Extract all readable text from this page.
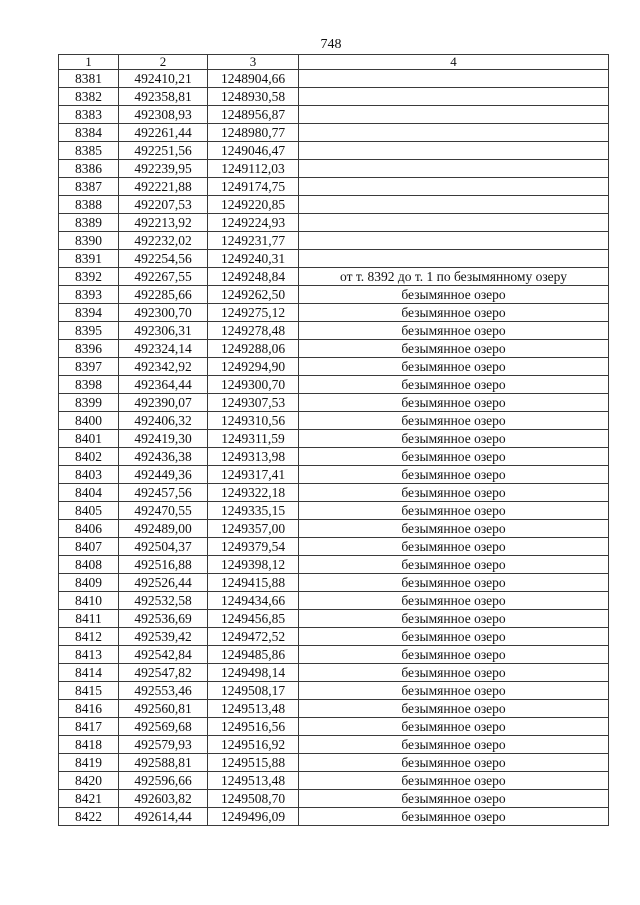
748
1	2	3	4
8381	492410,21	1248904,66	
8382	492358,81	1248930,58	
8383	492308,93	1248956,87	
8384	492261,44	1248980,77	
8385	492251,56	1249046,47	
8386	492239,95	1249112,03	
8387	492221,88	1249174,75	
8388	492207,53	1249220,85	
8389	492213,92	1249224,93	
8390	492232,02	1249231,77	
8391	492254,56	1249240,31	
8392	492267,55	1249248,84	от т. 8392 до т. 1 по безымянному озеру
8393	492285,66	1249262,50	безымянное озеро
8394	492300,70	1249275,12	безымянное озеро
8395	492306,31	1249278,48	безымянное озеро
8396	492324,14	1249288,06	безымянное озеро
8397	492342,92	1249294,90	безымянное озеро
8398	492364,44	1249300,70	безымянное озеро
8399	492390,07	1249307,53	безымянное озеро
8400	492406,32	1249310,56	безымянное озеро
8401	492419,30	1249311,59	безымянное озеро
8402	492436,38	1249313,98	безымянное озеро
8403	492449,36	1249317,41	безымянное озеро
8404	492457,56	1249322,18	безымянное озеро
8405	492470,55	1249335,15	безымянное озеро
8406	492489,00	1249357,00	безымянное озеро
8407	492504,37	1249379,54	безымянное озеро
8408	492516,88	1249398,12	безымянное озеро
8409	492526,44	1249415,88	безымянное озеро
8410	492532,58	1249434,66	безымянное озеро
8411	492536,69	1249456,85	безымянное озеро
8412	492539,42	1249472,52	безымянное озеро
8413	492542,84	1249485,86	безымянное озеро
8414	492547,82	1249498,14	безымянное озеро
8415	492553,46	1249508,17	безымянное озеро
8416	492560,81	1249513,48	безымянное озеро
8417	492569,68	1249516,56	безымянное озеро
8418	492579,93	1249516,92	безымянное озеро
8419	492588,81	1249515,88	безымянное озеро
8420	492596,66	1249513,48	безымянное озеро
8421	492603,82	1249508,70	безымянное озеро
8422	492614,44	1249496,09	безымянное озеро
